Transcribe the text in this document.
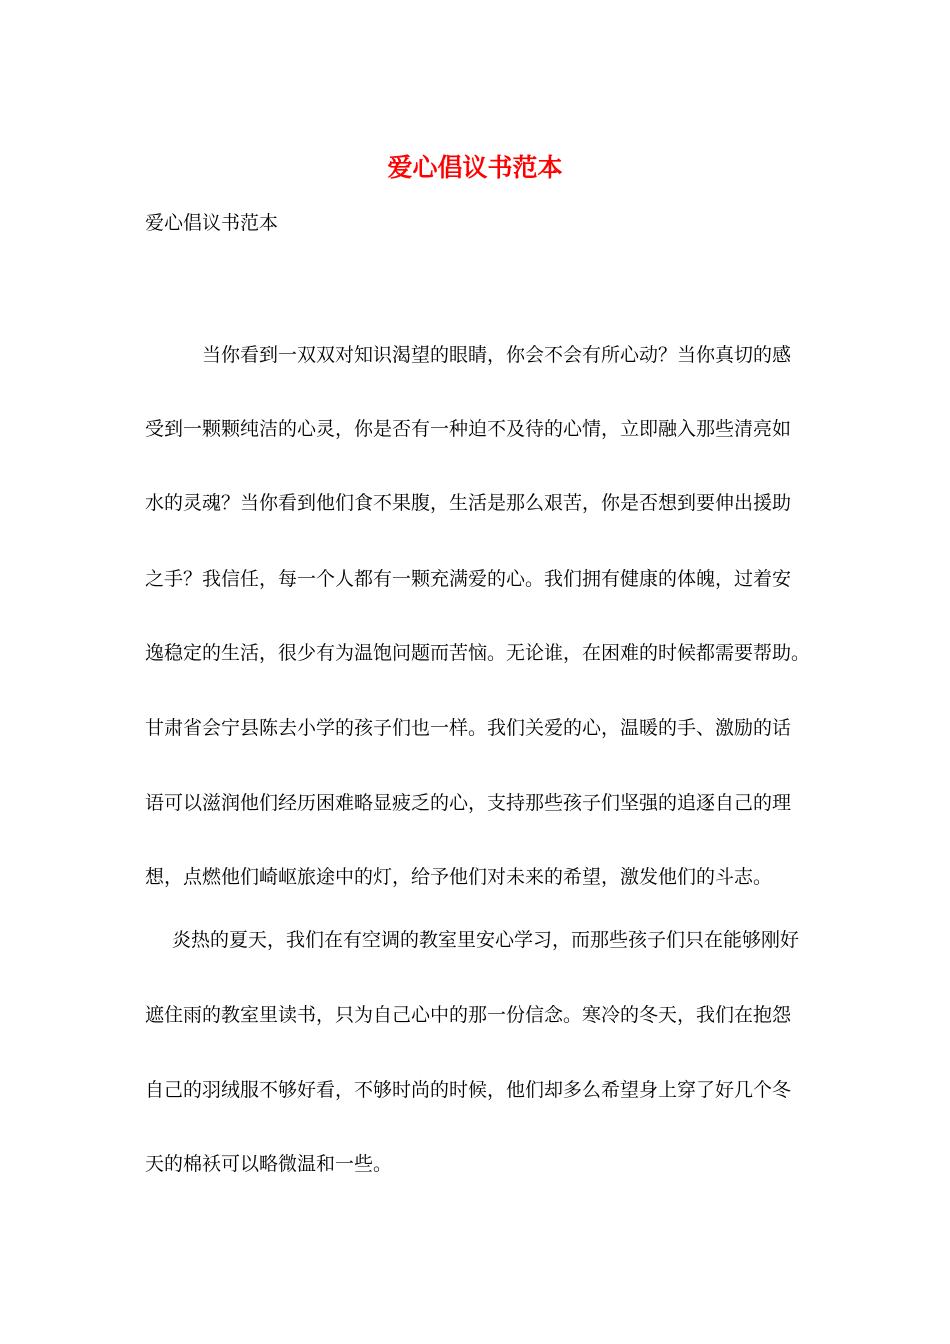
爱心倡议书范本
爱心倡议书范本
当你看到一双双对知识渴望的眼睛，你会不会有所心动？当你真切的感
受到一颗颗纯洁的心灵，你是否有一种迫不及待的心情，立即融入那些清亮如
水的灵魂？当你看到他们食不果腹，生活是那么艰苦，你是否想到要伸出援助
之手？我信任，每一个人都有一颗充满爱的心。我们拥有健康的体魄，过着安
逸稳定的生活，很少有为温饱问题而苦恼。无论谁，在困难的时候都需要帮助。
甘肃省会宁县陈去小学的孩子们也一样。我们关爱的心，温暖的手、激励的话
语可以滋润他们经历困难略显疲乏的心，支持那些孩子们坚强的追逐自己的理
想，点燃他们崎岖旅途中的灯，给予他们对未来的希望，激发他们的斗志。
炎热的夏天，我们在有空调的教室里安心学习，而那些孩子们只在能够刚好
遮住雨的教室里读书，只为自己心中的那一份信念。寒冷的冬天，我们在抱怨
自己的羽绒服不够好看，不够时尚的时候，他们却多么希望身上穿了好几个冬
天的棉袄可以略微温和一些。
